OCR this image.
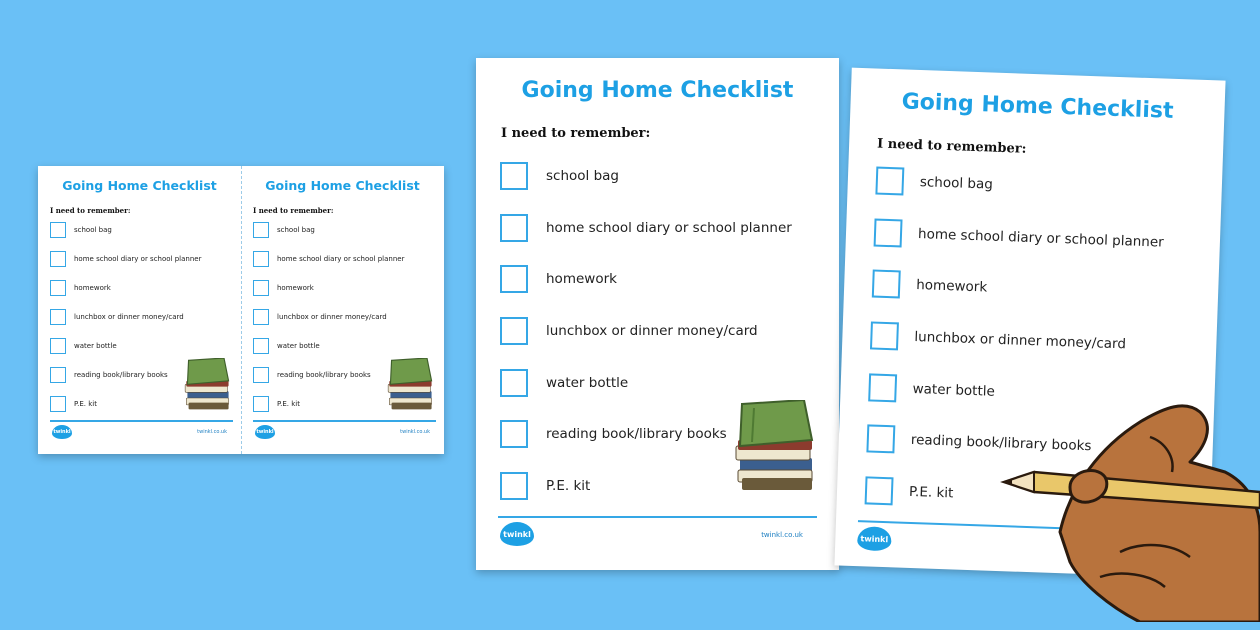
Going Home Checklist
I need to remember:
school bag
home school diary or school planner
homework
lunchbox or dinner money/card
water bottle
reading book/library books
P.E. kit
twinkl	twinkl.co.uk
Going Home Checklist
I need to remember:
school bag
home school diary or school planner
homework
lunchbox or dinner money/card
water bottle
reading book/library books
P.E. kit
twinkl	twinkl.co.uk
Going Home Checklist
I need to remember:
school bag
home school diary or school planner
homework
lunchbox or dinner money/card
water bottle
reading book/library books
P.E. kit
twinkl	twinkl.co.uk
Going Home Checklist
I need to remember:
school bag
home school diary or school planner
homework
lunchbox or dinner money/card
water bottle
reading book/library books
P.E. kit
twinkl
